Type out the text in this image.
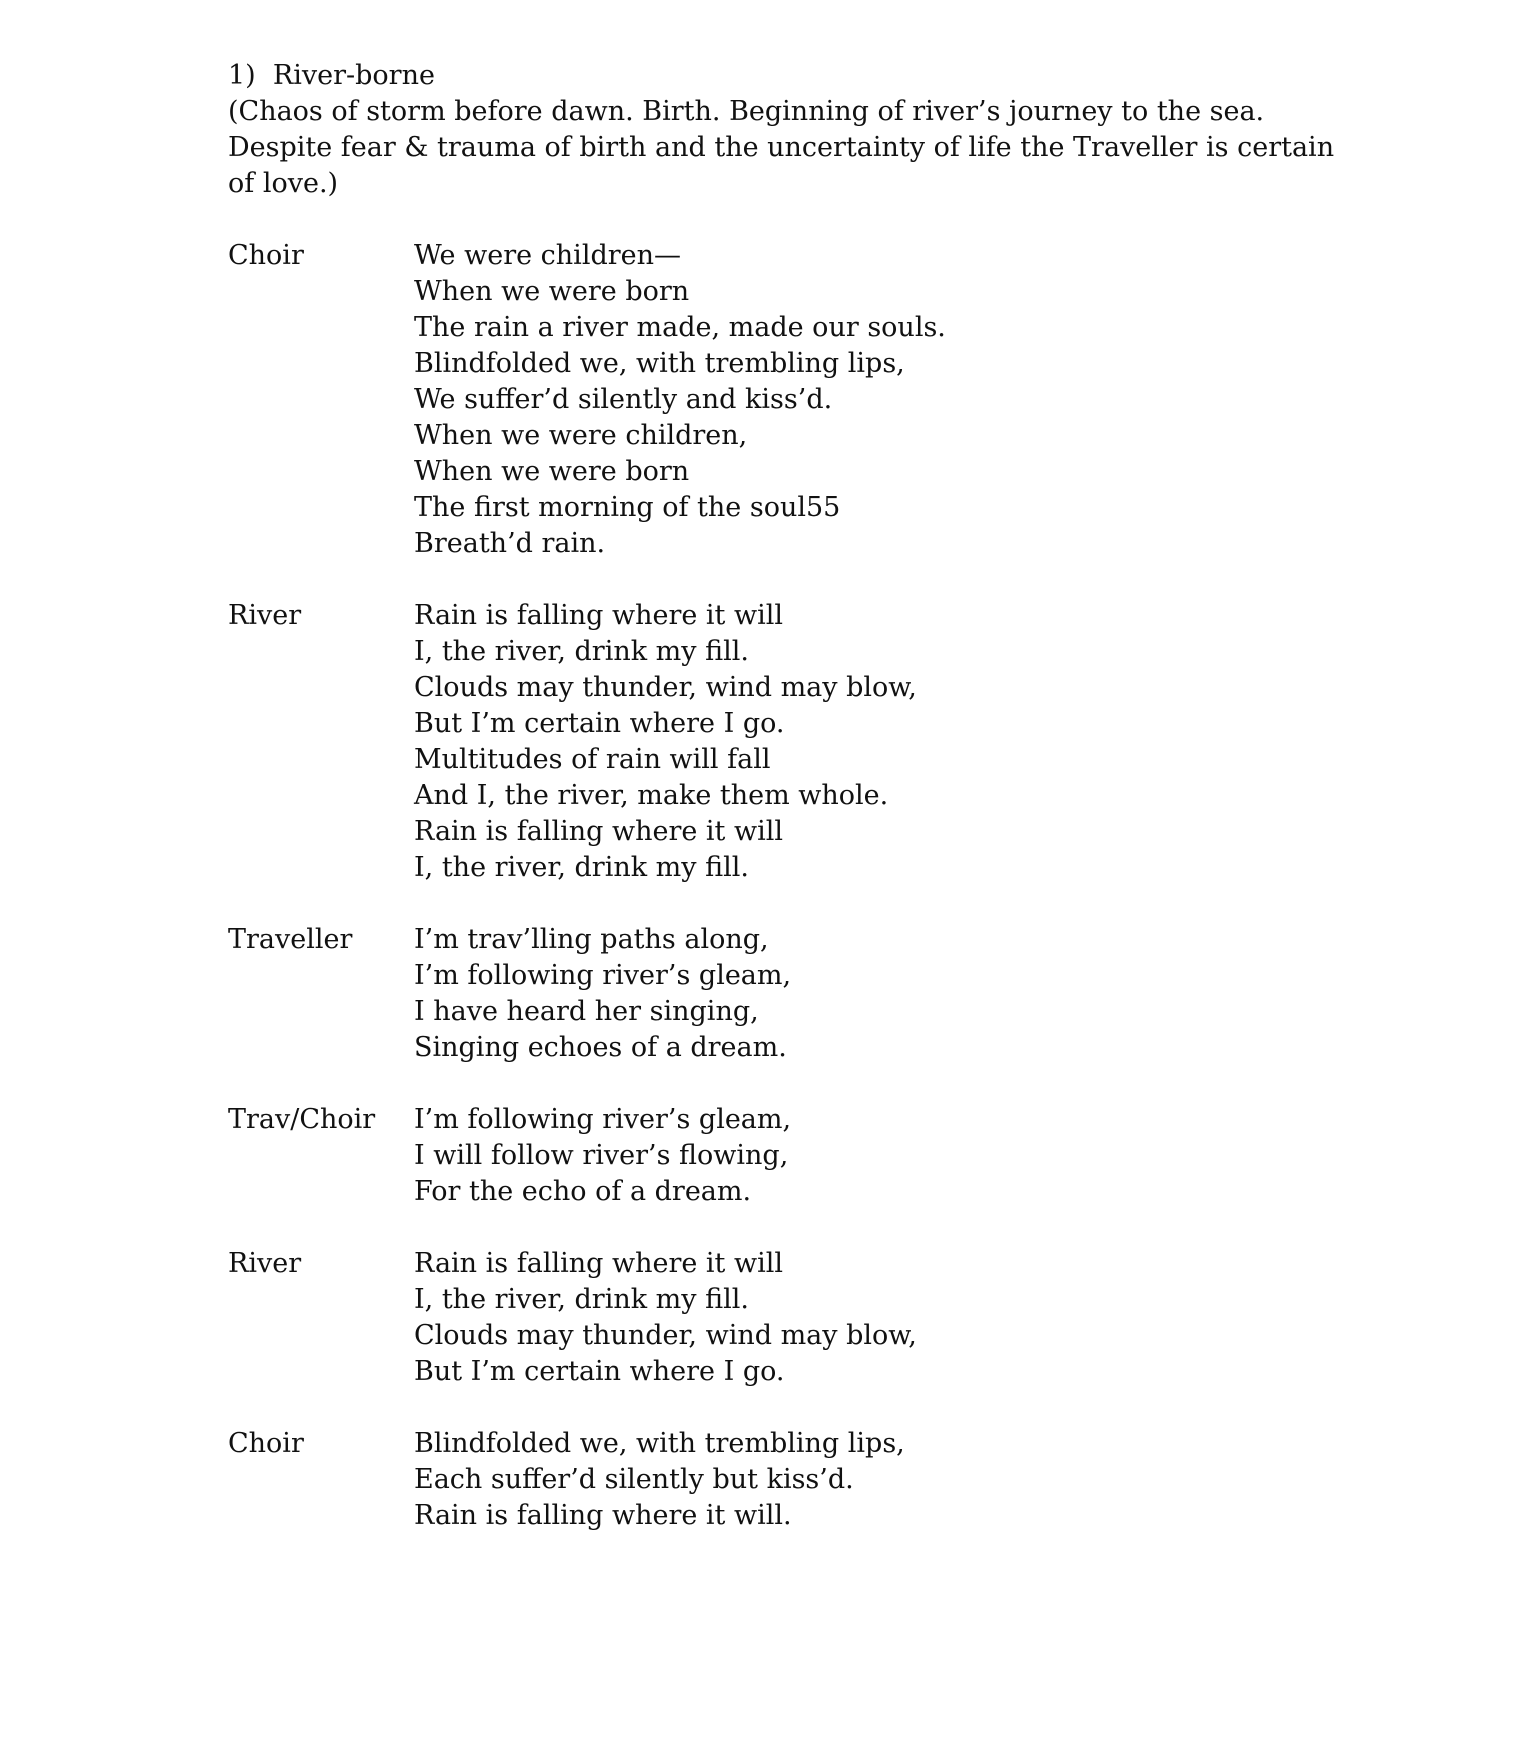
1) River-borne

(Chaos of storm before dawn. Birth. Beginning of river’s journey to the sea.
Despite fear & trauma of birth and the uncertainty of life the Traveller is certain
of love.)

Choir	We were children—
When we were born
The rain a river made, made our souls.
Blindfolded we, with trembling lips,
We suffer’d silently and kiss’d.
When we were children,
When we were born
The first morning of the soul55
Breath’d rain.
River	Rain is falling where it will
I, the river, drink my fill.
Clouds may thunder, wind may blow,
But I’m certain where I go.
Multitudes of rain will fall
And I, the river, make them whole.
Rain is falling where it will
I, the river, drink my fill.
Traveller	I’m trav’lling paths along,
I’m following river’s gleam,
I have heard her singing,
Singing echoes of a dream.
Trav/Choir	I’m following river’s gleam,
I will follow river’s flowing,
For the echo of a dream.
River	Rain is falling where it will
I, the river, drink my fill.
Clouds may thunder, wind may blow,
But I’m certain where I go.
Choir	Blindfolded we, with trembling lips,
Each suffer’d silently but kiss’d.
Rain is falling where it will.
